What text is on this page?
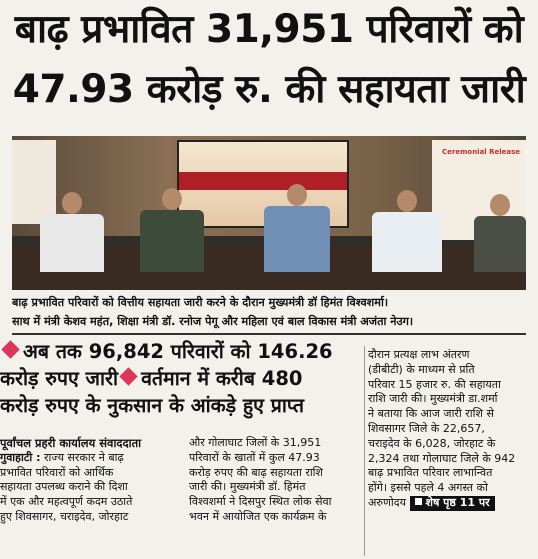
बाढ़ प्रभावित 31,951 परिवारों को
47.93 करोड़ रु. की सहायता जारी
Ceremonial Release
बाढ़ प्रभावित परिवारों को वित्तीय सहायता जारी करने के दौरान मुख्यमंत्री डॉ हिमंत विश्वशर्मा।
साथ में मंत्री केशव महंत, शिक्षा मंत्री डॉ. रनोज पेगू और महिला एवं बाल विकास मंत्री अजंता नेउग।
अब तक 96,842 परिवारों को 146.26
करोड़ रुपए जारी वर्तमान में करीब 480
करोड़ रुपए के नुकसान के आंकड़े हुए प्राप्त
पूर्वांचल प्रहरी कार्यालय संवाददाता
गुवाहाटी : राज्य सरकार ने बाढ़
प्रभावित परिवारों को आर्थिक
सहायता उपलब्ध कराने की दिशा
में एक और महत्वपूर्ण कदम उठाते
हुए शिवसागर, चराइदेव, जोरहाट
और गोलाघाट जिलों के 31,951
परिवारों के खातों में कुल 47.93
करोड़ रुपए की बाढ़ सहायता राशि
जारी की। मुख्यमंत्री डॉ. हिमंत
विश्वशर्मा ने दिसपुर स्थित लोक सेवा
भवन में आयोजित एक कार्यक्रम के
दौरान प्रत्यक्ष लाभ अंतरण
(डीबीटी) के माध्यम से प्रति
परिवार 15 हजार रु. की सहायता
राशि जारी की। मुख्यमंत्री डा.शर्मा
ने बताया कि आज जारी राशि से
शिवसागर जिले के 22,657,
चराइदेव के 6,028, जोरहाट के
2,324 तथा गोलाघाट जिले के 942
बाढ़ प्रभावित परिवार लाभान्वित
होंगे। इससे पहले 4 अगस्त को
अरुणोदय शेष पृष्ठ 11 पर
